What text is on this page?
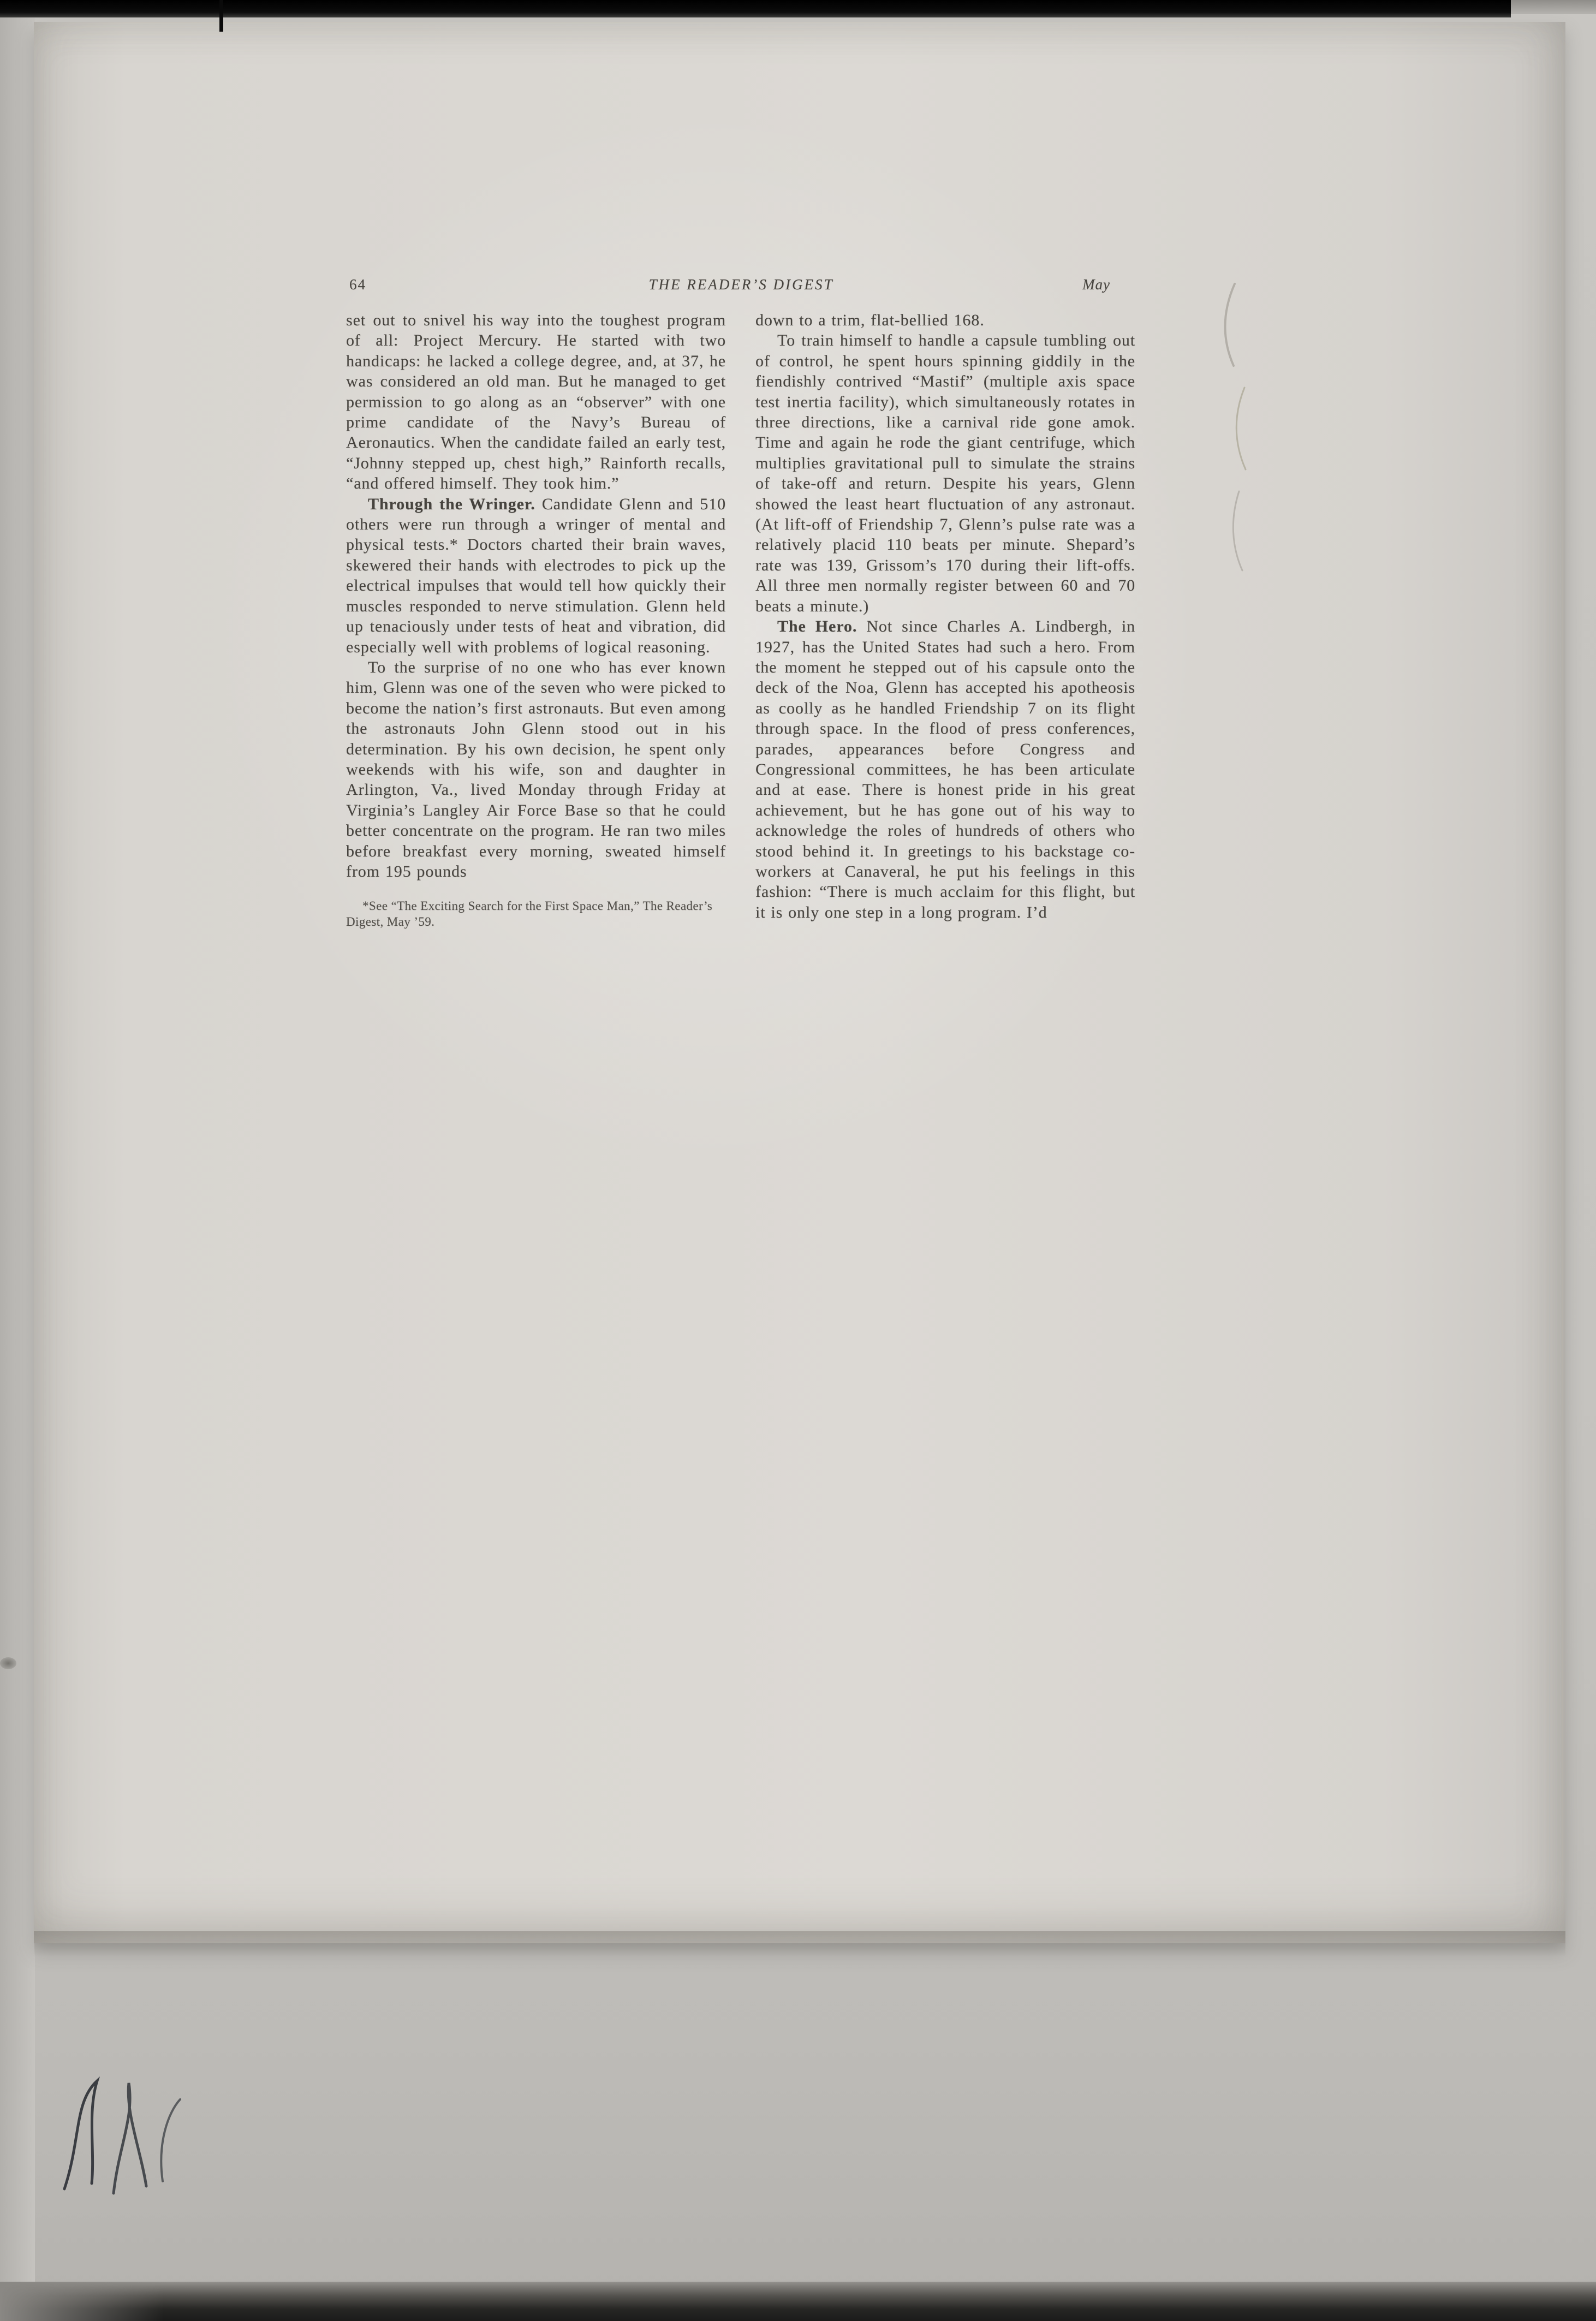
64	THE READER’S DIGEST	May

set out to snivel his way into the toughest program of all: Project Mercury. He started with two handicaps: he lacked a college degree, and, at 37, he was considered an old man. But he managed to get permission to go along as an “observer” with one prime candidate of the Navy’s Bureau of Aeronautics. When the candidate failed an early test, “Johnny stepped up, chest high,” Rainforth recalls, “and offered himself. They took him.”

Through the Wringer. Candidate Glenn and 510 others were run through a wringer of mental and physical tests.* Doctors charted their brain waves, skewered their hands with electrodes to pick up the electrical impulses that would tell how quickly their muscles responded to nerve stimulation. Glenn held up tenaciously under tests of heat and vibration, did especially well with problems of logical reasoning.

To the surprise of no one who has ever known him, Glenn was one of the seven who were picked to become the nation’s first astronauts. But even among the astronauts John Glenn stood out in his determination. By his own decision, he spent only weekends with his wife, son and daughter in Arlington, Va., lived Monday through Friday at Virginia’s Langley Air Force Base so that he could better concentrate on the program. He ran two miles before breakfast every morning, sweated himself from 195 pounds

*See “The Exciting Search for the First Space Man,” The Reader’s Digest, May ’59.

down to a trim, flat-bellied 168.

To train himself to handle a capsule tumbling out of control, he spent hours spinning giddily in the fiendishly contrived “Mastif” (multiple axis space test inertia facility), which simultaneously rotates in three directions, like a carnival ride gone amok. Time and again he rode the giant centrifuge, which multiplies gravitational pull to simulate the strains of take-off and return. Despite his years, Glenn showed the least heart fluctuation of any astronaut. (At lift-off of Friendship 7, Glenn’s pulse rate was a relatively placid 110 beats per minute. Shepard’s rate was 139, Grissom’s 170 during their lift-offs. All three men normally register between 60 and 70 beats a minute.)

The Hero. Not since Charles A. Lindbergh, in 1927, has the United States had such a hero. From the moment he stepped out of his capsule onto the deck of the Noa, Glenn has accepted his apotheosis as coolly as he handled Friendship 7 on its flight through space. In the flood of press conferences, parades, appearances before Congress and Congressional committees, he has been articulate and at ease. There is honest pride in his great achievement, but he has gone out of his way to acknowledge the roles of hundreds of others who stood behind it. In greetings to his backstage co-workers at Canaveral, he put his feelings in this fashion: “There is much acclaim for this flight, but it is only one step in a long program. I’d
